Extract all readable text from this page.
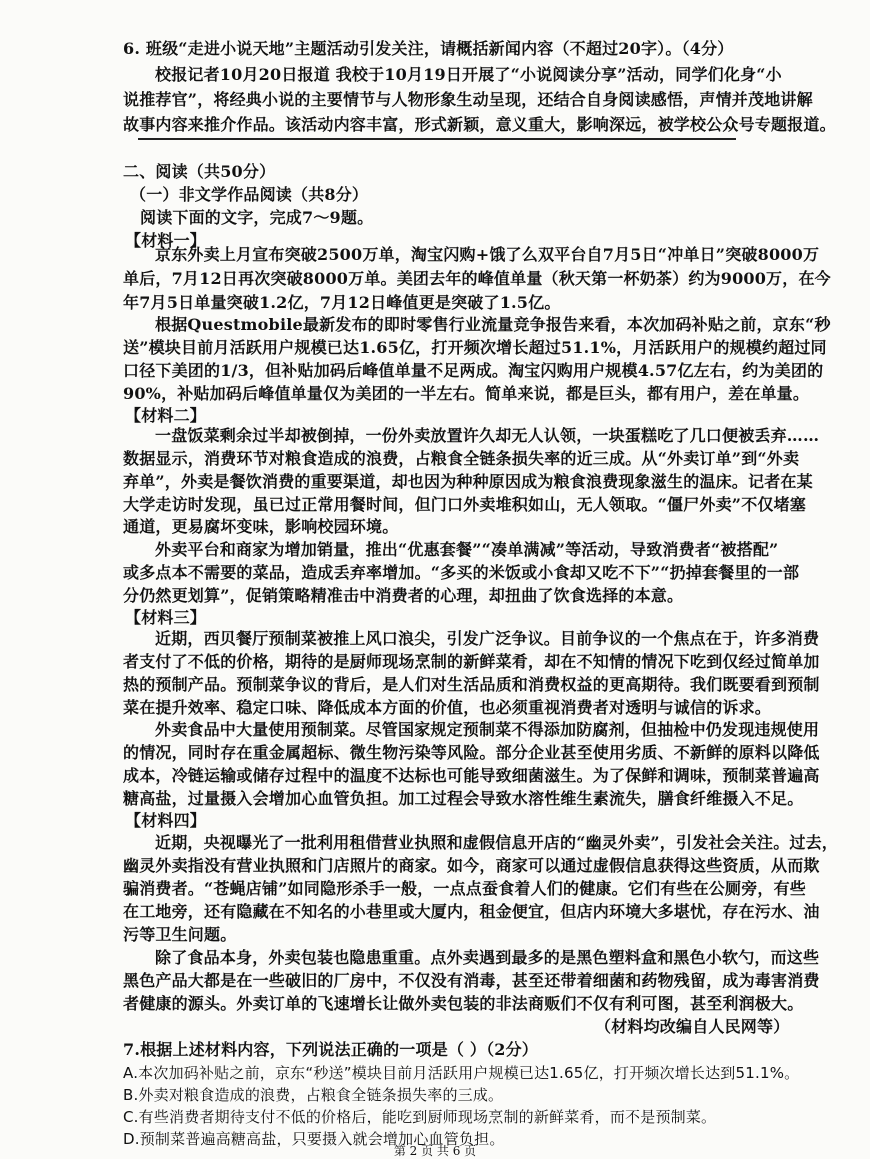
6. 班级“走进小说天地”主题活动引发关注，请概括新闻内容（不超过20字）。（4分）
校报记者10月20日报道 我校于10月19日开展了“小说阅读分享”活动，同学们化身“小
说推荐官”，将经典小说的主要情节与人物形象生动呈现，还结合自身阅读感悟，声情并茂地讲解
故事内容来推介作品。该活动内容丰富，形式新颖，意义重大，影响深远，被学校公众号专题报道。
二、阅读（共50分）
（一）非文学作品阅读（共8分）
阅读下面的文字，完成7～9题。
【材料一】
京东外卖上月宣布突破2500万单，淘宝闪购+饿了么双平台自7月5日“冲单日”突破8000万
单后，7月12日再次突破8000万单。美团去年的峰值单量（秋天第一杯奶茶）约为9000万，在今
年7月5日单量突破1.2亿，7月12日峰值更是突破了1.5亿。
根据Questmobile最新发布的即时零售行业流量竞争报告来看，本次加码补贴之前，京东“秒
送”模块目前月活跃用户规模已达1.65亿，打开频次增长超过51.1%，月活跃用户的规模约超过同
口径下美团的1/3，但补贴加码后峰值单量不足两成。淘宝闪购用户规模4.57亿左右，约为美团的
90%，补贴加码后峰值单量仅为美团的一半左右。简单来说，都是巨头，都有用户，差在单量。
【材料二】
一盘饭菜剩余过半却被倒掉，一份外卖放置许久却无人认领，一块蛋糕吃了几口便被丢弃……
数据显示，消费环节对粮食造成的浪费，占粮食全链条损失率的近三成。从“外卖订单”到“外卖
弃单”，外卖是餐饮消费的重要渠道，却也因为种种原因成为粮食浪费现象滋生的温床。记者在某
大学走访时发现，虽已过正常用餐时间，但门口外卖堆积如山，无人领取。“僵尸外卖”不仅堵塞
通道，更易腐坏变味，影响校园环境。
外卖平台和商家为增加销量，推出“优惠套餐”“凑单满减”等活动，导致消费者“被搭配”
或多点本不需要的菜品，造成丢弃率增加。“多买的米饭或小食却又吃不下”“扔掉套餐里的一部
分仍然更划算”，促销策略精准击中消费者的心理，却扭曲了饮食选择的本意。
【材料三】
近期，西贝餐厅预制菜被推上风口浪尖，引发广泛争议。目前争议的一个焦点在于，许多消费
者支付了不低的价格，期待的是厨师现场烹制的新鲜菜肴，却在不知情的情况下吃到仅经过简单加
热的预制产品。预制菜争议的背后，是人们对生活品质和消费权益的更高期待。我们既要看到预制
菜在提升效率、稳定口味、降低成本方面的价值，也必须重视消费者对透明与诚信的诉求。
外卖食品中大量使用预制菜。尽管国家规定预制菜不得添加防腐剂，但抽检中仍发现违规使用
的情况，同时存在重金属超标、微生物污染等风险。部分企业甚至使用劣质、不新鲜的原料以降低
成本，冷链运输或储存过程中的温度不达标也可能导致细菌滋生。为了保鲜和调味，预制菜普遍高
糖高盐，过量摄入会增加心血管负担。加工过程会导致水溶性维生素流失，膳食纤维摄入不足。
【材料四】
近期，央视曝光了一批利用租借营业执照和虚假信息开店的“幽灵外卖”，引发社会关注。过去，
幽灵外卖指没有营业执照和门店照片的商家。如今，商家可以通过虚假信息获得这些资质，从而欺
骗消费者。“苍蝇店铺”如同隐形杀手一般，一点点蚕食着人们的健康。它们有些在公厕旁，有些
在工地旁，还有隐藏在不知名的小巷里或大厦内，租金便宜，但店内环境大多堪忧，存在污水、油
污等卫生问题。
除了食品本身，外卖包装也隐患重重。点外卖遇到最多的是黑色塑料盒和黑色小软勺，而这些
黑色产品大都是在一些破旧的厂房中，不仅没有消毒，甚至还带着细菌和药物残留，成为毒害消费
者健康的源头。外卖订单的飞速增长让做外卖包装的非法商贩们不仅有利可图，甚至利润极大。
（材料均改编自人民网等）
7.根据上述材料内容，下列说法正确的一项是（ ）（2分）
A.本次加码补贴之前，京东“秒送”模块目前月活跃用户规模已达1.65亿，打开频次增长达到51.1%。
B.外卖对粮食造成的浪费，占粮食全链条损失率的三成。
C.有些消费者期待支付不低的价格后，能吃到厨师现场烹制的新鲜菜肴，而不是预制菜。
D.预制菜普遍高糖高盐，只要摄入就会增加心血管负担。
第 2 页 共 6 页
